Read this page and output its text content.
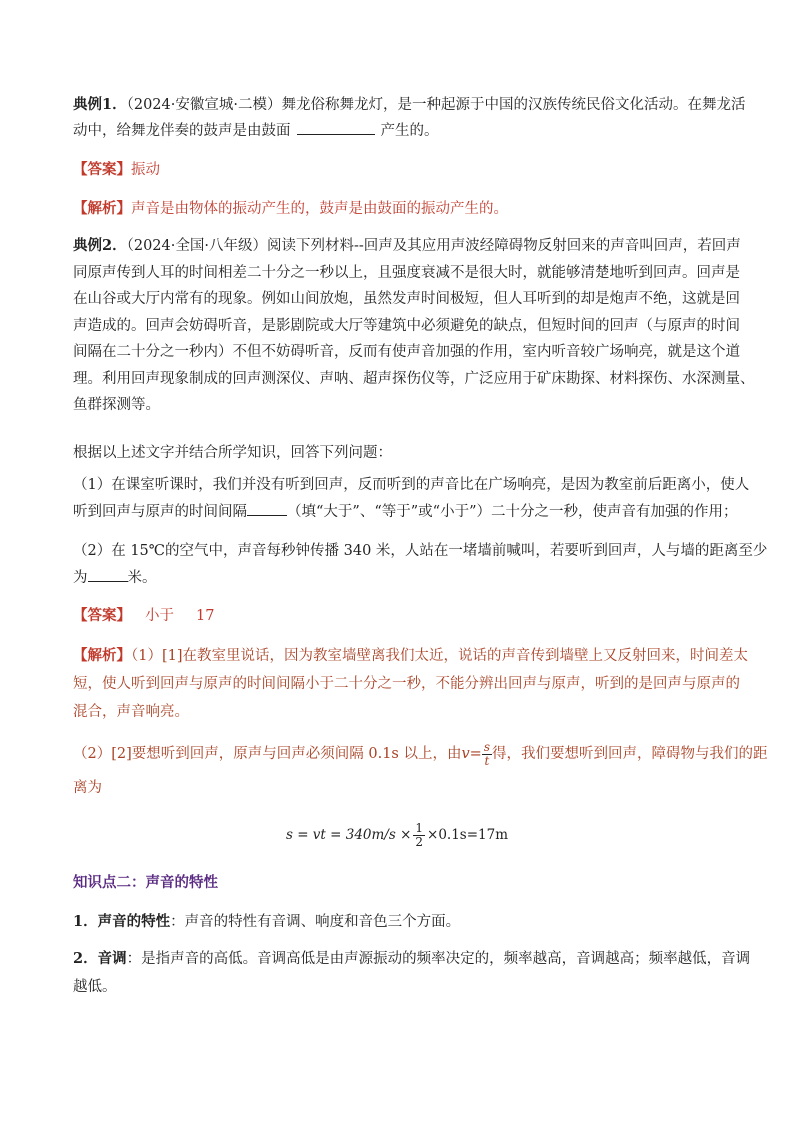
典例1．（2024·安徽宣城·二模）舞龙俗称舞龙灯，是一种起源于中国的汉族传统民俗文化活动。在舞龙活
动中，给舞龙伴奏的鼓声是由鼓面	产生的。
【答案】振动
【解析】声音是由物体的振动产生的，鼓声是由鼓面的振动产生的。
典例2．（2024·全国·八年级）阅读下列材料--回声及其应用声波经障碍物反射回来的声音叫回声，若回声
同原声传到人耳的时间相差二十分之一秒以上，且强度衰减不是很大时，就能够清楚地听到回声。回声是
在山谷或大厅内常有的现象。例如山间放炮，虽然发声时间极短，但人耳听到的却是炮声不绝，这就是回
声造成的。回声会妨碍听音，是影剧院或大厅等建筑中必须避免的缺点，但短时间的回声（与原声的时间
间隔在二十分之一秒内）不但不妨碍听音，反而有使声音加强的作用，室内听音较广场响亮，就是这个道
理。利用回声现象制成的回声测深仪、声呐、超声探伤仪等，广泛应用于矿床勘探、材料探伤、水深测量、
鱼群探测等。
根据以上述文字并结合所学知识，回答下列问题：
（1）在课室听课时，我们并没有听到回声，反而听到的声音比在广场响亮，是因为教室前后距离小，使人
听到回声与原声的时间间隔	（填“大于”、“等于”或“小于”）二十分之一秒，使声音有加强的作用；
（2）在 15℃的空气中，声音每秒钟传播 340 米，人站在一堵墙前喊叫，若要听到回声，人与墙的距离至少
为	米。
【答案】 小于 17
【解析】（1）[1]在教室里说话，因为教室墙壁离我们太近，说话的声音传到墙壁上又反射回来，时间差太
短，使人听到回声与原声的时间间隔小于二十分之一秒，不能分辨出回声与原声，听到的是回声与原声的
混合，声音响亮。
（2）[2]要想听到回声，原声与回声必须间隔 0.1s 以上，由$v= \frac{s}{t}$ 得，我们要想听到回声，障碍物与我们的距
离为
s = vt = $340m/s \times \frac{1}{2} \times 0.1s=17m$
知识点二：声音的特性
1．声音的特性：声音的特性有音调、响度和音色三个方面。
2．音调：是指声音的高低。音调高低是由声源振动的频率决定的，频率越高，音调越高；频率越低，音调
越低。
